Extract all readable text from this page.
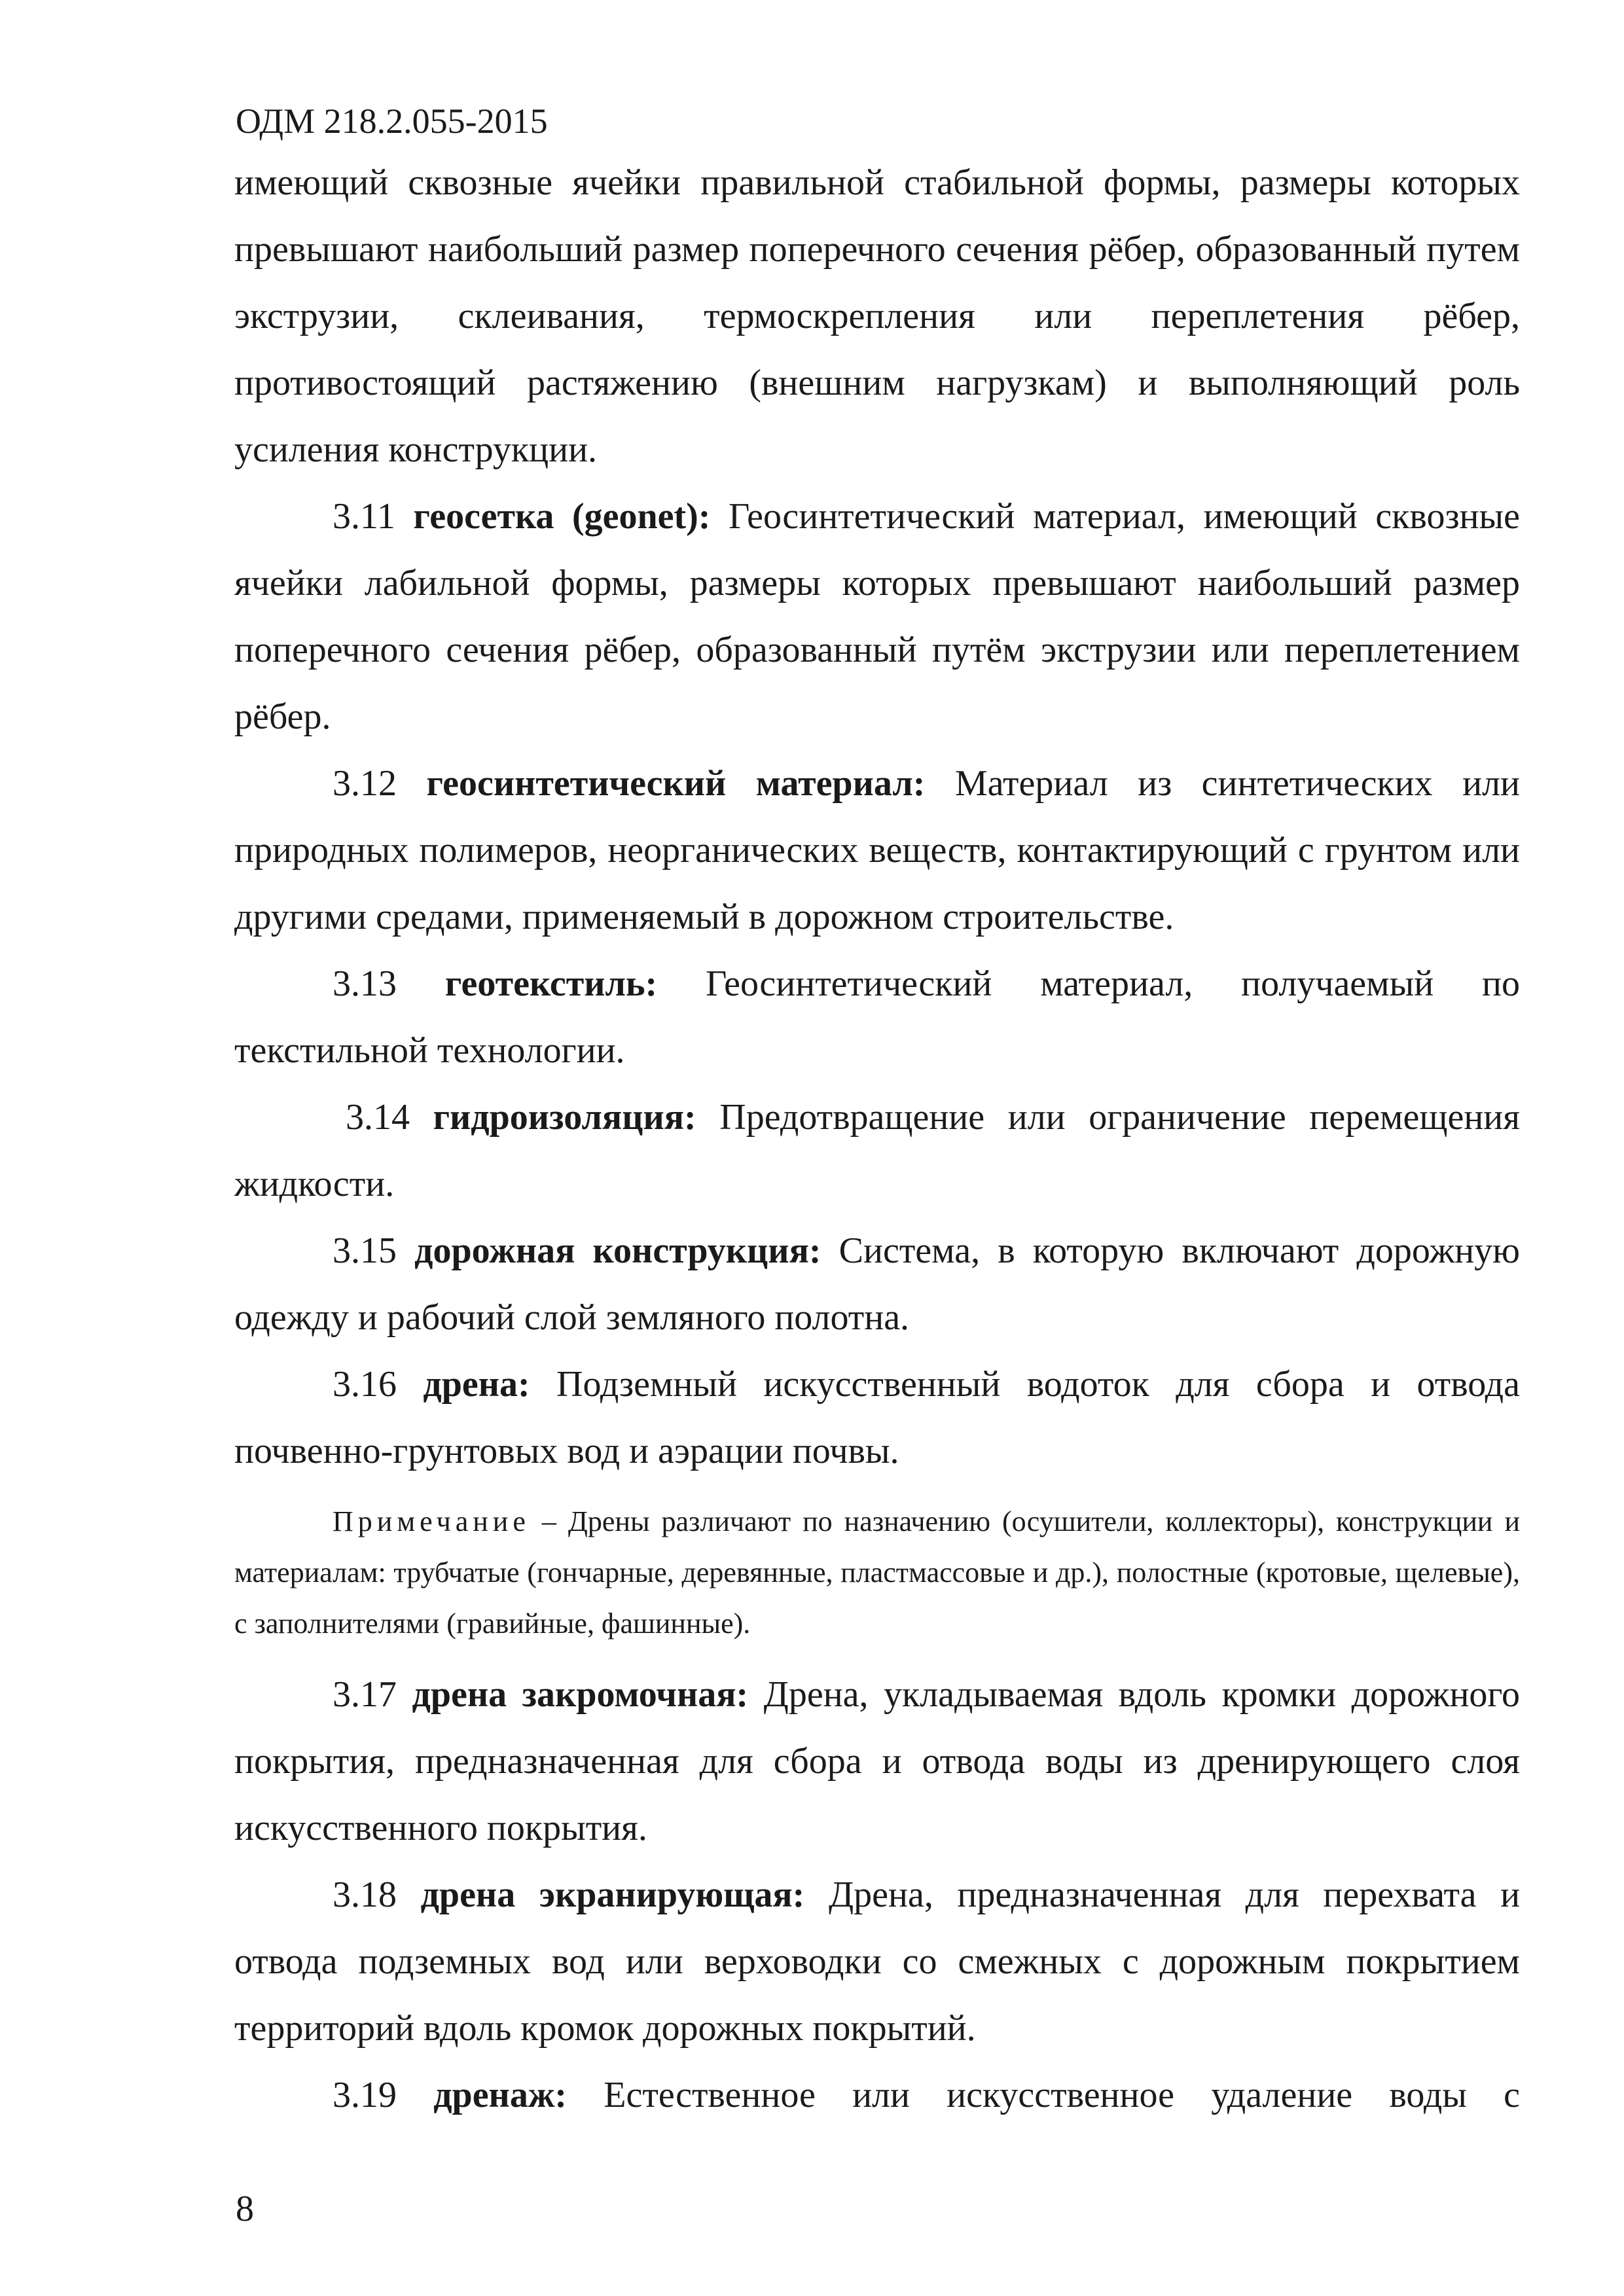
ОДМ 218.2.055-2015

имеющий сквозные ячейки правильной стабильной формы, размеры которых превышают наибольший размер поперечного сечения рёбер, образованный путем экструзии, склеивания, термоскрепления или переплетения рёбер, противостоящий растяжению (внешним нагрузкам) и выполняющий роль усиления конструкции.

3.11 геосетка (geonet): Геосинтетический материал, имеющий сквозные ячейки лабильной формы, размеры которых превышают наибольший размер поперечного сечения рёбер, образованный путём экструзии или переплетением рёбер.

3.12 геосинтетический материал: Материал из синтетических или природных полимеров, неорганических веществ, контактирующий с грунтом или другими средами, применяемый в дорожном строительстве.

3.13 геотекстиль: Геосинтетический материал, получаемый по текстильной технологии.

3.14 гидроизоляция: Предотвращение или ограничение перемещения жидкости.

3.15 дорожная конструкция: Система, в которую включают дорожную одежду и рабочий слой земляного полотна.

3.16 дрена: Подземный искусственный водоток для сбора и отвода почвенно-грунтовых вод и аэрации почвы.

Примечание – Дрены различают по назначению (осушители, коллекторы), конструкции и материалам: трубчатые (гончарные, деревянные, пластмассовые и др.), полостные (кротовые, щелевые), с заполнителями (гравийные, фашинные).

3.17 дрена закромочная: Дрена, укладываемая вдоль кромки дорожного покрытия, предназначенная для сбора и отвода воды из дренирующего слоя искусственного покрытия.

3.18 дрена экранирующая: Дрена, предназначенная для перехвата и отвода подземных вод или верховодки со смежных с дорожным покрытием территорий вдоль кромок дорожных покрытий.

3.19 дренаж: Естественное или искусственное удаление воды с

8
